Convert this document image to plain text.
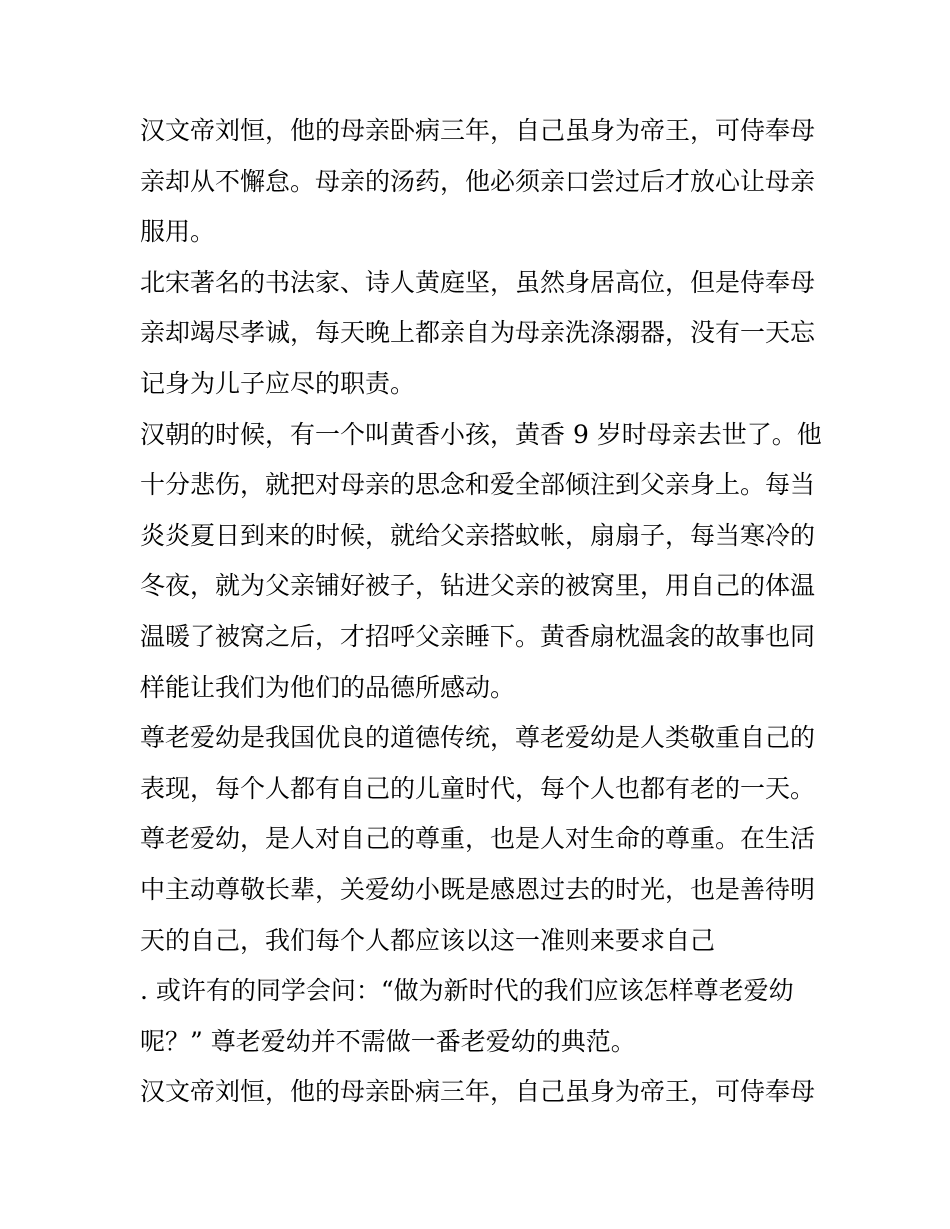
汉文帝刘恒，他的母亲卧病三年，自己虽身为帝王，可侍奉母
亲却从不懈怠。母亲的汤药，他必须亲口尝过后才放心让母亲
服用。
北宋著名的书法家、诗人黄庭坚，虽然身居高位，但是侍奉母
亲却竭尽孝诚，每天晚上都亲自为母亲洗涤溺器，没有一天忘
记身为儿子应尽的职责。
汉朝的时候，有一个叫黄香小孩，黄香 9 岁时母亲去世了。他
十分悲伤，就把对母亲的思念和爱全部倾注到父亲身上。每当
炎炎夏日到来的时候，就给父亲搭蚊帐，扇扇子，每当寒冷的
冬夜，就为父亲铺好被子，钻进父亲的被窝里，用自己的体温
温暖了被窝之后，才招呼父亲睡下。黄香扇枕温衾的故事也同
样能让我们为他们的品德所感动。
尊老爱幼是我国优良的道德传统，尊老爱幼是人类敬重自己的
表现，每个人都有自己的儿童时代，每个人也都有老的一天。
尊老爱幼，是人对自己的尊重，也是人对生命的尊重。在生活
中主动尊敬长辈，关爱幼小既是感恩过去的时光，也是善待明
天的自己，我们每个人都应该以这一准则来要求自己
. 或许有的同学会问：“做为新时代的我们应该怎样尊老爱幼
呢？” 尊老爱幼并不需做一番老爱幼的典范。
汉文帝刘恒，他的母亲卧病三年，自己虽身为帝王，可侍奉母
